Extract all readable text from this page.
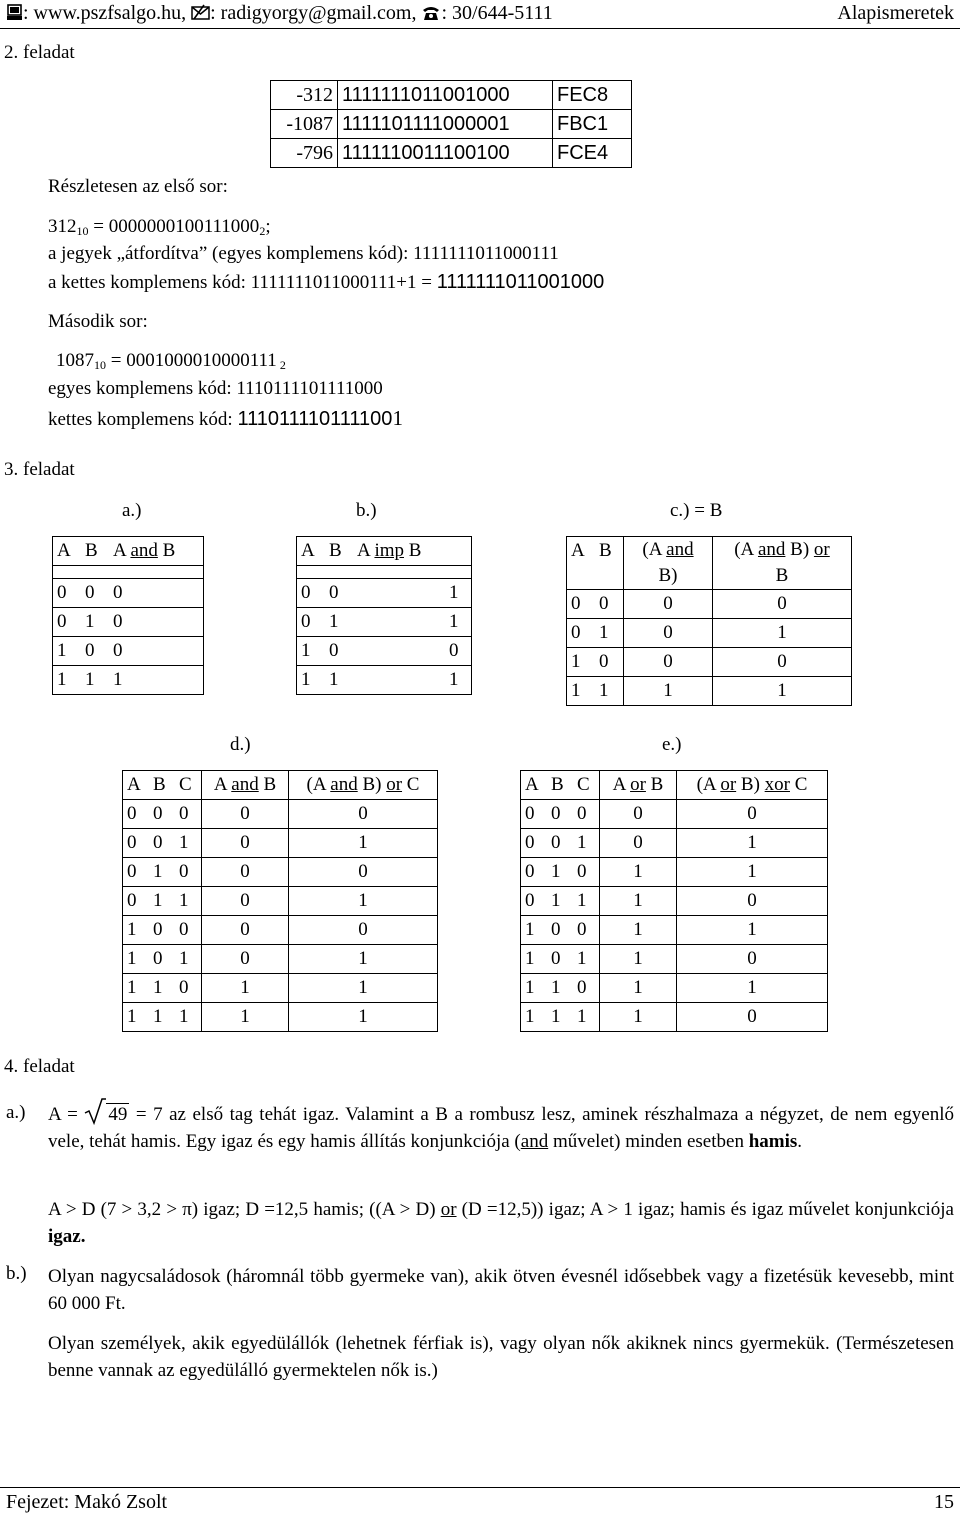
: www.pszfsalgo.hu, : radigyorgy@gmail.com, : 30/644-5111	Alapismeretek
2. feladat
-312	1111111011001000	FEC8
-1087	1111101111000001	FBC1
-796	1111110011100100	FCE4
Részletesen az első sor:
$312_{10} = 0000000100111000_2$;
a jegyek „átfordítva” (egyes komplemens kód): 1111111011000111
a kettes komplemens kód: 1111111011000111+1 = 1111111011001000
Második sor:
$1087_{10} = 0001000010000111$ $_2$
egyes komplemens kód: 1110111101111000
kettes komplemens kód: 1110111101111001
3. feladat
a.)	b.)	c.) = B
A	B	A and B

0	0	0
0	1	0
1	0	0
1	1	1
A	B	A imp B

0	0	1
0	1	1
1	0	0
1	1	1
A	B	(A and
B)	(A and B) or
B
0	0	0	0
0	1	0	1
1	0	0	0
1	1	1	1
d.)	e.)
A	B	C	A and B	(A and B) or C
0	0	0	0	0
0	0	1	0	1
0	1	0	0	0
0	1	1	0	1
1	0	0	0	0
1	0	1	0	1
1	1	0	1	1
1	1	1	1	1
A	B	C	A or B	(A or B) xor C
0	0	0	0	0
0	0	1	0	1
0	1	0	1	1
0	1	1	1	0
1	0	0	1	1
1	0	1	1	0
1	1	0	1	1
1	1	1	1	0
4. feladat
a.) A =
49 = 7 az első tag tehát igaz. Valamint a B a rombusz lesz, aminek részhalmaza a négyzet, de nem egyenlő vele, tehát hamis. Egy igaz és egy hamis állítás konjunkciója (and művelet) minden esetben hamis.
A > D (7 > 3,2 > π) igaz; D =12,5 hamis; ((A > D) or (D =12,5)) igaz; A > 1 igaz; hamis és igaz művelet konjunkciója igaz.
b.) Olyan nagycsaládosok (háromnál több gyermeke van), akik ötven évesnél idősebbek vagy a fizetésük kevesebb, mint 60 000 Ft.
Olyan személyek, akik egyedülállók (lehetnek férfiak is), vagy olyan nők akiknek nincs gyermekük. (Természetesen benne vannak az egyedülálló gyermektelen nők is.)
Fejezet: Makó Zsolt	15
